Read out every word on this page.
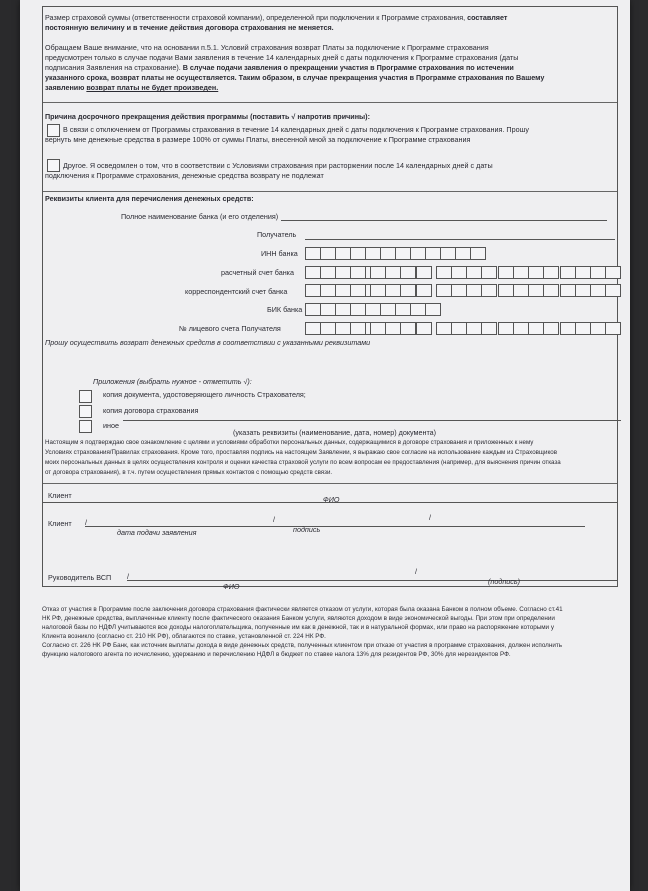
Размер страховой суммы (ответственности страховой компании), определенной при подключении к Программе страхования, составляет
постоянную величину и в течение действия договора страхования не меняется.
Обращаем Ваше внимание, что на основании п.5.1. Условий страхования возврат Платы за подключение к Программе страхования
предусмотрен только в случае подачи Вами заявления в течение 14 календарных дней с даты подключения к Программе страхования (даты
подписания Заявления на страхование). В случае подачи заявления о прекращении участия в Программе страхования по истечении
указанного срока, возврат платы не осуществляется. Таким образом, в случае прекращения участия в Программе страхования по Вашему
заявлению возврат платы не будет произведен.
Причина досрочного прекращения действия программы (поставить √ напротив причины):
В связи с отключением от Программы страхования в течение 14 календарных дней с даты подключения к Программе страхования. Прошу
вернуть мне денежные средства в размере 100% от суммы Платы, внесенной мной за подключение к Программе страхования
Другое. Я осведомлен о том, что в соответствии с Условиями страхования при расторжении после 14 календарных дней с даты
подключения к Программе страхования, денежные средства возврату не подлежат
Реквизиты клиента для перечисления денежных средств:
Полное наименование банка (и его отделения)
Получатель
ИНН банка
расчетный счет банка
корреспондентский счет банка
БИК банка
№ лицевого счета Получателя
Прошу осуществить возврат денежных средств в соответствии с указанными реквизитами
Приложения (выбрать нужное - отметить √):
копия документа, удостоверяющего личность Страхователя;
копия договора страхования
иное
(указать реквизиты (наименование, дата, номер) документа)
Настоящим я подтверждаю свое ознакомление с целями и условиями обработки персональных данных, содержащимися в договоре страхования и приложенных к нему
Условиях страхования/Правилах страхования. Кроме того, проставляя подпись на настоящем Заявлении, я выражаю свое согласие на использование каждым из Страховщиков
моих персональных данных в целях осуществления контроля и оценки качества страховой услуги по всем вопросам ее предоставления (например, для выяснения причин отказа
от договора страхования), в т.ч. путем осуществления прямых контактов с помощью средств связи.
Клиент	ФИО
Клиент /	/	/
дата подачи заявления	подпись
Руководитель ВСП /
/
ФИО
(подпись)
Отказ от участия в Программе после заключения договора страхования фактически является отказом от услуги, которая была оказана Банком в полном объеме. Согласно ст.41
НК РФ, денежные средства, выплаченные клиенту после фактического оказания Банком услуги, являются доходом в виде экономической выгоды. При этом при определении
налоговой базы по НДФЛ учитываются все доходы налогоплательщика, полученные им как в денежной, так и в натуральной формах, или право на распоряжение которыми у
Клиента возникло (согласно ст. 210 НК РФ), облагаются по ставке, установленной ст. 224 НК РФ.
Согласно ст. 226 НК РФ Банк, как источник выплаты дохода в виде денежных средств, полученных клиентом при отказе от участия в программе страхования, должен исполнить
функцию налогового агента по исчислению, удержанию и перечислению НДФЛ в бюджет по ставке налога 13% для резидентов РФ, 30% для нерезидентов РФ.
